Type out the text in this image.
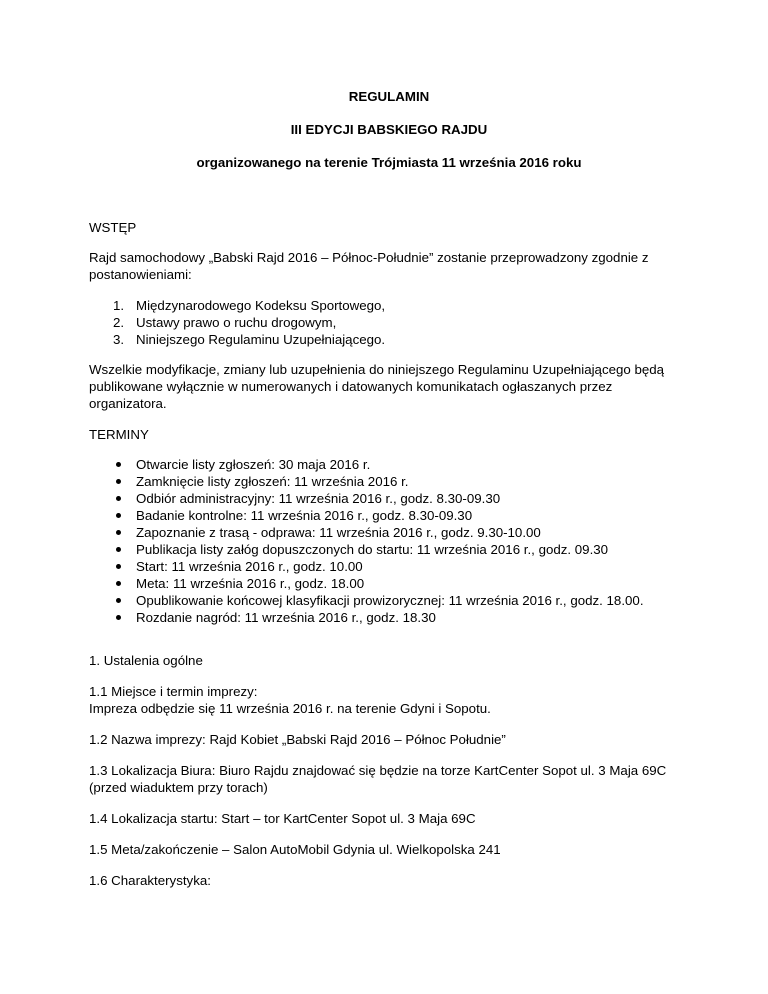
REGULAMIN
III EDYCJI BABSKIEGO RAJDU
organizowanego na terenie Trójmiasta 11 września 2016 roku

WSTĘP

Rajd samochodowy „Babski Rajd 2016 – Północ-Południe” zostanie przeprowadzony zgodnie z

postanowieniami:

1. Międzynarodowego Kodeksu Sportowego,
2. Ustawy prawo o ruchu drogowym,
3. Niniejszego Regulaminu Uzupełniającego.

Wszelkie modyfikacje, zmiany lub uzupełnienia do niniejszego Regulaminu Uzupełniającego będą

publikowane wyłącznie w numerowanych i datowanych komunikatach ogłaszanych przez

organizatora.

TERMINY

Otwarcie listy zgłoszeń: 30 maja 2016 r.
Zamknięcie listy zgłoszeń: 11 września 2016 r.
Odbiór administracyjny: 11 września 2016 r., godz. 8.30-09.30
Badanie kontrolne: 11 września 2016 r., godz. 8.30-09.30
Zapoznanie z trasą - odprawa: 11 września 2016 r., godz. 9.30-10.00
Publikacja listy załóg dopuszczonych do startu: 11 września 2016 r., godz. 09.30
Start: 11 września 2016 r., godz. 10.00
Meta: 11 września 2016 r., godz. 18.00
Opublikowanie końcowej klasyfikacji prowizorycznej: 11 września 2016 r., godz. 18.00.
Rozdanie nagród: 11 września 2016 r., godz. 18.30

1. Ustalenia ogólne

1.1 Miejsce i termin imprezy:

Impreza odbędzie się 11 września 2016 r. na terenie Gdyni i Sopotu.

1.2 Nazwa imprezy: Rajd Kobiet „Babski Rajd 2016 – Północ Południe”

1.3 Lokalizacja Biura: Biuro Rajdu znajdować się będzie na torze KartCenter Sopot ul. 3 Maja 69C

(przed wiaduktem przy torach)

1.4 Lokalizacja startu: Start – tor KartCenter Sopot ul. 3 Maja 69C

1.5 Meta/zakończenie – Salon AutoMobil Gdynia ul. Wielkopolska 241

1.6 Charakterystyka:
